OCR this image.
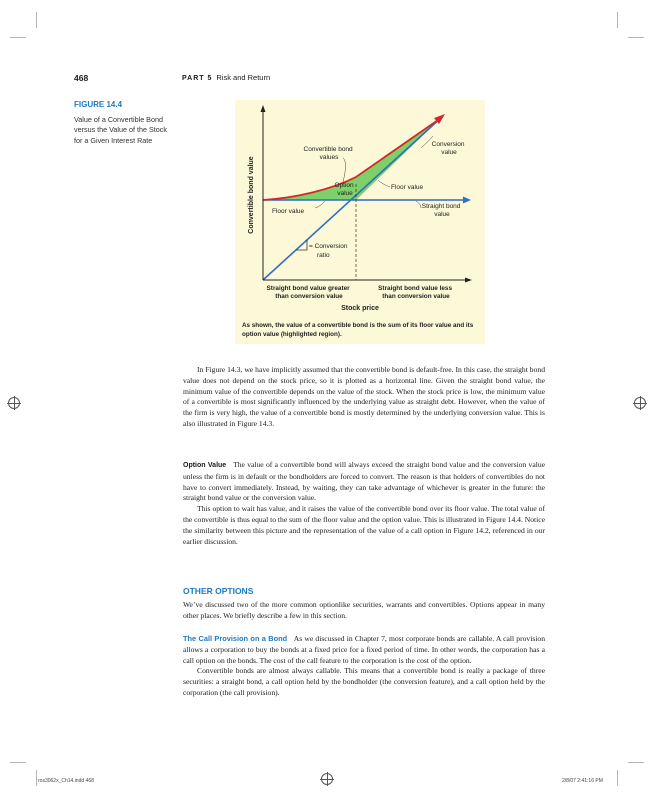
468	PART 5 Risk and Return
FIGURE 14.4
Value of a Convertible Bond versus the Value of the Stock for a Given Interest Rate
Convertible bond value
Convertible bond values
Conversion value
Option value
Floor value
Floor value
Straight bond value
= Conversion ratio
Straight bond value greater than conversion value
Straight bond value less than conversion value
Stock price
As shown, the value of a convertible bond is the sum of its floor value and its option value (highlighted region).

In Figure 14.3, we have implicitly assumed that the convertible bond is default-free. In this case, the straight bond value does not depend on the stock price, so it is plotted as a horizontal line. Given the straight bond value, the minimum value of the convertible depends on the value of the stock. When the stock price is low, the minimum value of a convertible is most significantly influenced by the underlying value as straight debt. However, when the value of the firm is very high, the value of a convertible bond is mostly determined by the underlying conversion value. This is also illustrated in Figure 14.3.

Option Value The value of a convertible bond will always exceed the straight bond value and the conversion value unless the firm is in default or the bondholders are forced to convert. The reason is that holders of convertibles do not have to convert immediately. Instead, by waiting, they can take advantage of whichever is greater in the future: the straight bond value or the conversion value.

This option to wait has value, and it raises the value of the convertible bond over its floor value. The total value of the convertible is thus equal to the sum of the floor value and the option value. This is illustrated in Figure 14.4. Notice the similarity between this picture and the representation of the value of a call option in Figure 14.2, referenced in our earlier discussion.

OTHER OPTIONS

We’ve discussed two of the more common optionlike securities, warrants and convertibles. Options appear in many other places. We briefly describe a few in this section.

The Call Provision on a Bond As we discussed in Chapter 7, most corporate bonds are callable. A call provision allows a corporation to buy the bonds at a fixed price for a fixed period of time. In other words, the corporation has a call option on the bonds. The cost of the call feature to the corporation is the cost of the option.

Convertible bonds are almost always callable. This means that a convertible bond is really a package of three securities: a straight bond, a call option held by the bondholder (the conversion feature), and a call option held by the corporation (the call provision).

ros3062x_Ch14.indd 468	2/8/07 2:41:16 PM
